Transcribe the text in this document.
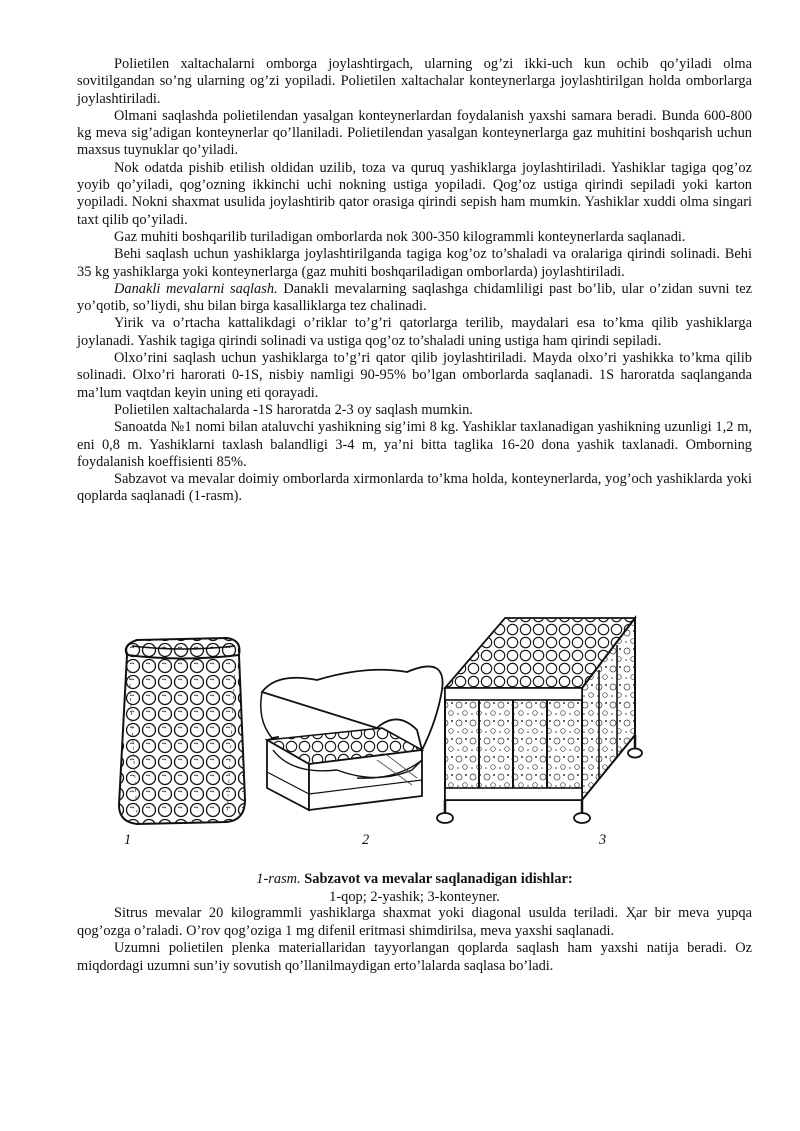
Polietilen xaltachalarni omborga joylashtirgach, ularning og’zi ikki-uch kun ochib qo’yiladi olma sovitilgandan so’ng ularning og’zi yopiladi. Polietilen xaltachalar konteynerlarga joylashtirilgan holda omborlarga joylashtiriladi.

Olmani saqlashda polietilendan yasalgan konteynerlardan foydalanish yaxshi samara beradi. Bunda 600-800 kg meva sig’adigan konteynerlar qo’llaniladi. Polietilendan yasalgan konteynerlarga gaz muhitini boshqarish uchun maxsus tuynuklar qo’yiladi.

Nok odatda pishib etilish oldidan uzilib, toza va quruq yashiklarga joylashtiriladi. Yashiklar tagiga qog’oz yoyib qo’yiladi, qog’ozning ikkinchi uchi nokning ustiga yopiladi. Qog’oz ustiga qirindi sepiladi yoki karton yopiladi. Nokni shaxmat usulida joylashtirib qator orasiga qirindi sepish ham mumkin. Yashiklar xuddi olma singari taxt qilib qo’yiladi.

Gaz muhiti boshqarilib turiladigan omborlarda nok 300-350 kilogrammli konteynerlarda saqlanadi.

Behi saqlash uchun yashiklarga joylashtirilganda tagiga kog’oz to’shaladi va oralariga qirindi solinadi. Behi 35 kg yashiklarga yoki konteynerlarga (gaz muhiti boshqariladigan omborlarda) joylashtiriladi.

Danakli mevalarni saqlash. Danakli mevalarning saqlashga chidamliligi past bo’lib, ular o’zidan suvni tez yo’qotib, so’liydi, shu bilan birga kasalliklarga tez chalinadi.

Yirik va o’rtacha kattalikdagi o’riklar to’g’ri qatorlarga terilib, maydalari esa to’kma qilib yashiklarga joylanadi. Yashik tagiga qirindi solinadi va ustiga qog’oz to’shaladi uning ustiga ham qirindi sepiladi.

Olxo’rini saqlash uchun yashiklarga to’g’ri qator qilib joylashtiriladi. Mayda olxo’ri yashikka to’kma qilib solinadi. Olxo’ri harorati 0-1S, nisbiy namligi 90-95% bo’lgan omborlarda saqlanadi. 1S haroratda saqlanganda ma’lum vaqtdan keyin uning eti qorayadi.

Polietilen xaltachalarda -1S haroratda 2-3 oy saqlash mumkin.

Sanoatda №1 nomi bilan ataluvchi yashikning sig’imi 8 kg. Yashiklar taxlanadigan yashikning uzunligi 1,2 m, eni 0,8 m. Yashiklarni taxlash balandligi 3-4 m, ya’ni bitta taglika 16-20 dona yashik taxlanadi. Omborning foydalanish koeffisienti 85%.

Sabzavot va mevalar doimiy omborlarda xirmonlarda to’kma holda, konteynerlarda, yog’och yashiklarda yoki qoplarda saqlanadi (1-rasm).

1	2	3
1-rasm. Sabzavot va mevalar saqlanadigan idishlar:
1-qop; 2-yashik; 3-konteyner.

Sitrus mevalar 20 kilogrammli yashiklarga shaxmat yoki diagonal usulda teriladi. Ҳar bir meva yupqa qog’ozga o’raladi. O’rov qog’oziga 1 mg difenil eritmasi shimdirilsa, meva yaxshi saqlanadi.

Uzumni polietilen plenka materiallaridan tayyorlangan qoplarda saqlash ham yaxshi natija beradi. Oz miqdordagi uzumni sun’iy sovutish qo’llanilmaydigan erto’lalarda saqlasa bo’ladi.
